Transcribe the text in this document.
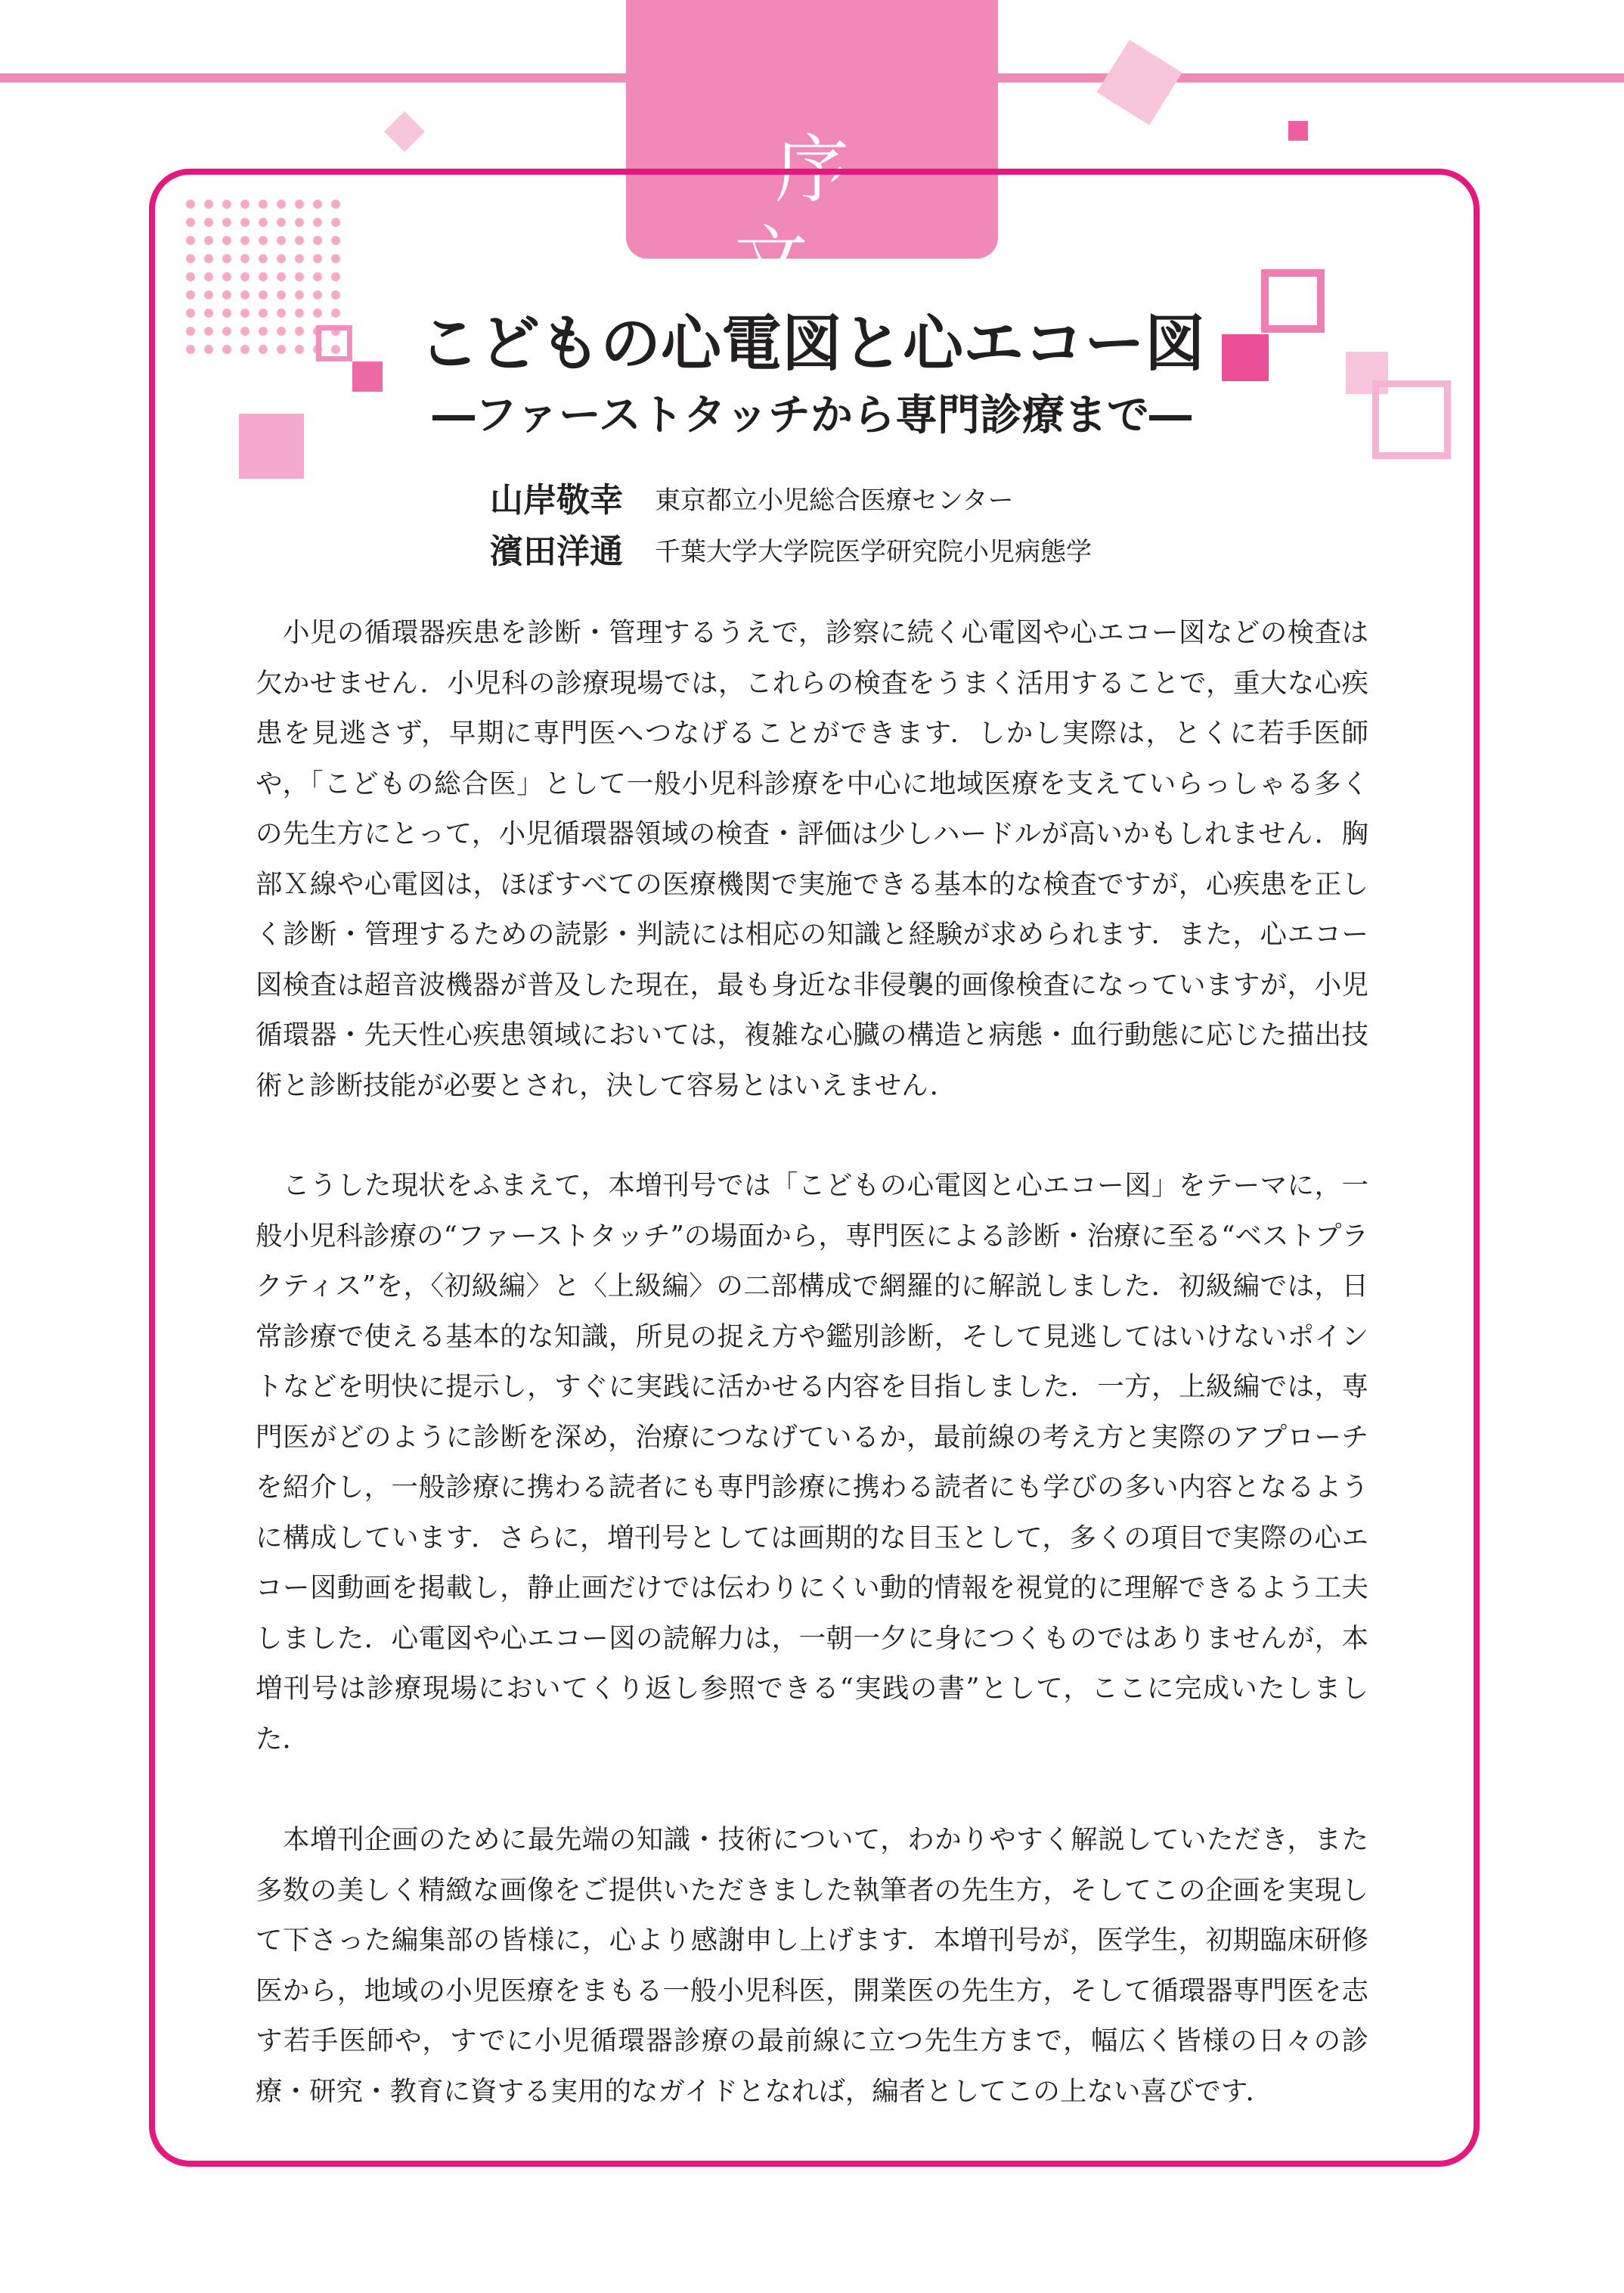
序 文
こどもの心電図と心エコー図
―ファーストタッチから専門診療まで―
山岸敬幸 東京都立小児総合医療センター
濱田洋通 千葉大学大学院医学研究院小児病態学

小児の循環器疾患を診断・管理するうえで，診察に続く心電図や心エコー図などの検査は欠かせません．小児科の診療現場では，これらの検査をうまく活用することで，重大な心疾患を見逃さず，早期に専門医へつなげることができます．しかし実際は，とくに若手医師や，「こどもの総合医」として一般小児科診療を中心に地域医療を支えていらっしゃる多くの先生方にとって，小児循環器領域の検査・評価は少しハードルが高いかもしれません．胸部Ｘ線や心電図は，ほぼすべての医療機関で実施できる基本的な検査ですが，心疾患を正しく診断・管理するための読影・判読には相応の知識と経験が求められます．また，心エコー図検査は超音波機器が普及した現在，最も身近な非侵襲的画像検査になっていますが，小児循環器・先天性心疾患領域においては，複雑な心臓の構造と病態・血行動態に応じた描出技術と診断技能が必要とされ，決して容易とはいえません．

こうした現状をふまえて，本増刊号では「こどもの心電図と心エコー図」をテーマに，一般小児科診療の“ファーストタッチ”の場面から，専門医による診断・治療に至る“ベストプラクティス”を，〈初級編〉と〈上級編〉の二部構成で網羅的に解説しました．初級編では，日常診療で使える基本的な知識，所見の捉え方や鑑別診断，そして見逃してはいけないポイントなどを明快に提示し，すぐに実践に活かせる内容を目指しました．一方，上級編では，専門医がどのように診断を深め，治療につなげているか，最前線の考え方と実際のアプローチを紹介し，一般診療に携わる読者にも専門診療に携わる読者にも学びの多い内容となるように構成しています．さらに，増刊号としては画期的な目玉として，多くの項目で実際の心エコー図動画を掲載し，静止画だけでは伝わりにくい動的情報を視覚的に理解できるよう工夫しました．心電図や心エコー図の読解力は，一朝一夕に身につくものではありませんが，本増刊号は診療現場においてくり返し参照できる“実践の書”として，ここに完成いたしました．

本増刊企画のために最先端の知識・技術について，わかりやすく解説していただき，また多数の美しく精緻な画像をご提供いただきました執筆者の先生方，そしてこの企画を実現して下さった編集部の皆様に，心より感謝申し上げます．本増刊号が，医学生，初期臨床研修医から，地域の小児医療をまもる一般小児科医，開業医の先生方，そして循環器専門医を志す若手医師や，すでに小児循環器診療の最前線に立つ先生方まで，幅広く皆様の日々の診療・研究・教育に資する実用的なガイドとなれば，編者としてこの上ない喜びです．
